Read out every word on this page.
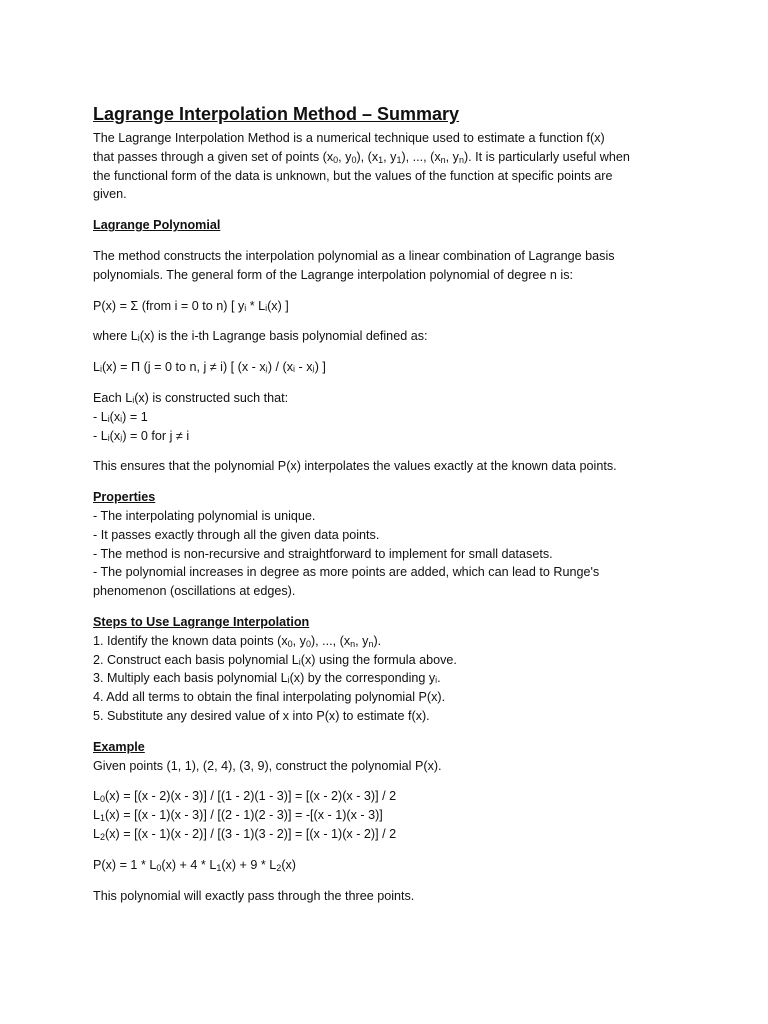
Lagrange Interpolation Method – Summary

The Lagrange Interpolation Method is a numerical technique used to estimate a function f(x)

that passes through a given set of points ($x_0$, $y_0$), ($x_1$, $y_1$), ..., ($x_n$, $y_n$). It is particularly useful when

the functional form of the data is unknown, but the values of the function at specific points are

given.

Lagrange Polynomial

The method constructs the interpolation polynomial as a linear combination of Lagrange basis

polynomials. The general form of the Lagrange interpolation polynomial of degree n is:

P(x) = Σ (from i = 0 to n) [ yᵢ * Lᵢ(x) ]

where Lᵢ(x) is the i-th Lagrange basis polynomial defined as:

Lᵢ(x) = Π (j = 0 to n, j ≠ i) [ (x - xⱼ) / (xᵢ - xⱼ) ]

Each Lᵢ(x) is constructed such that:

- Lᵢ(xᵢ) = 1

- Lᵢ(xⱼ) = 0 for j ≠ i

This ensures that the polynomial P(x) interpolates the values exactly at the known data points.

Properties

- The interpolating polynomial is unique.

- It passes exactly through all the given data points.

- The method is non-recursive and straightforward to implement for small datasets.

- The polynomial increases in degree as more points are added, which can lead to Runge's

phenomenon (oscillations at edges).

Steps to Use Lagrange Interpolation

1. Identify the known data points ($x_0$, $y_0$), ..., ($x_n$, $y_n$).

2. Construct each basis polynomial Lᵢ(x) using the formula above.

3. Multiply each basis polynomial Lᵢ(x) by the corresponding yᵢ.

4. Add all terms to obtain the final interpolating polynomial P(x).

5. Substitute any desired value of x into P(x) to estimate f(x).

Example

Given points (1, 1), (2, 4), (3, 9), construct the polynomial P(x).

$L_0(x) = [(x - 2)(x - 3)] / [(1 - 2)(1 - 3)] = [(x - 2)(x - 3)] / 2$

$L_1(x) = [(x - 1)(x - 3)] / [(2 - 1)(2 - 3)] = -[(x - 1)(x - 3)]$

$L_2(x) = [(x - 1)(x - 2)] / [(3 - 1)(3 - 2)] = [(x - 1)(x - 2)] / 2$

$P(x) = 1 * L_0(x) + 4 * L_1(x) + 9 * L_2(x)$

This polynomial will exactly pass through the three points.
